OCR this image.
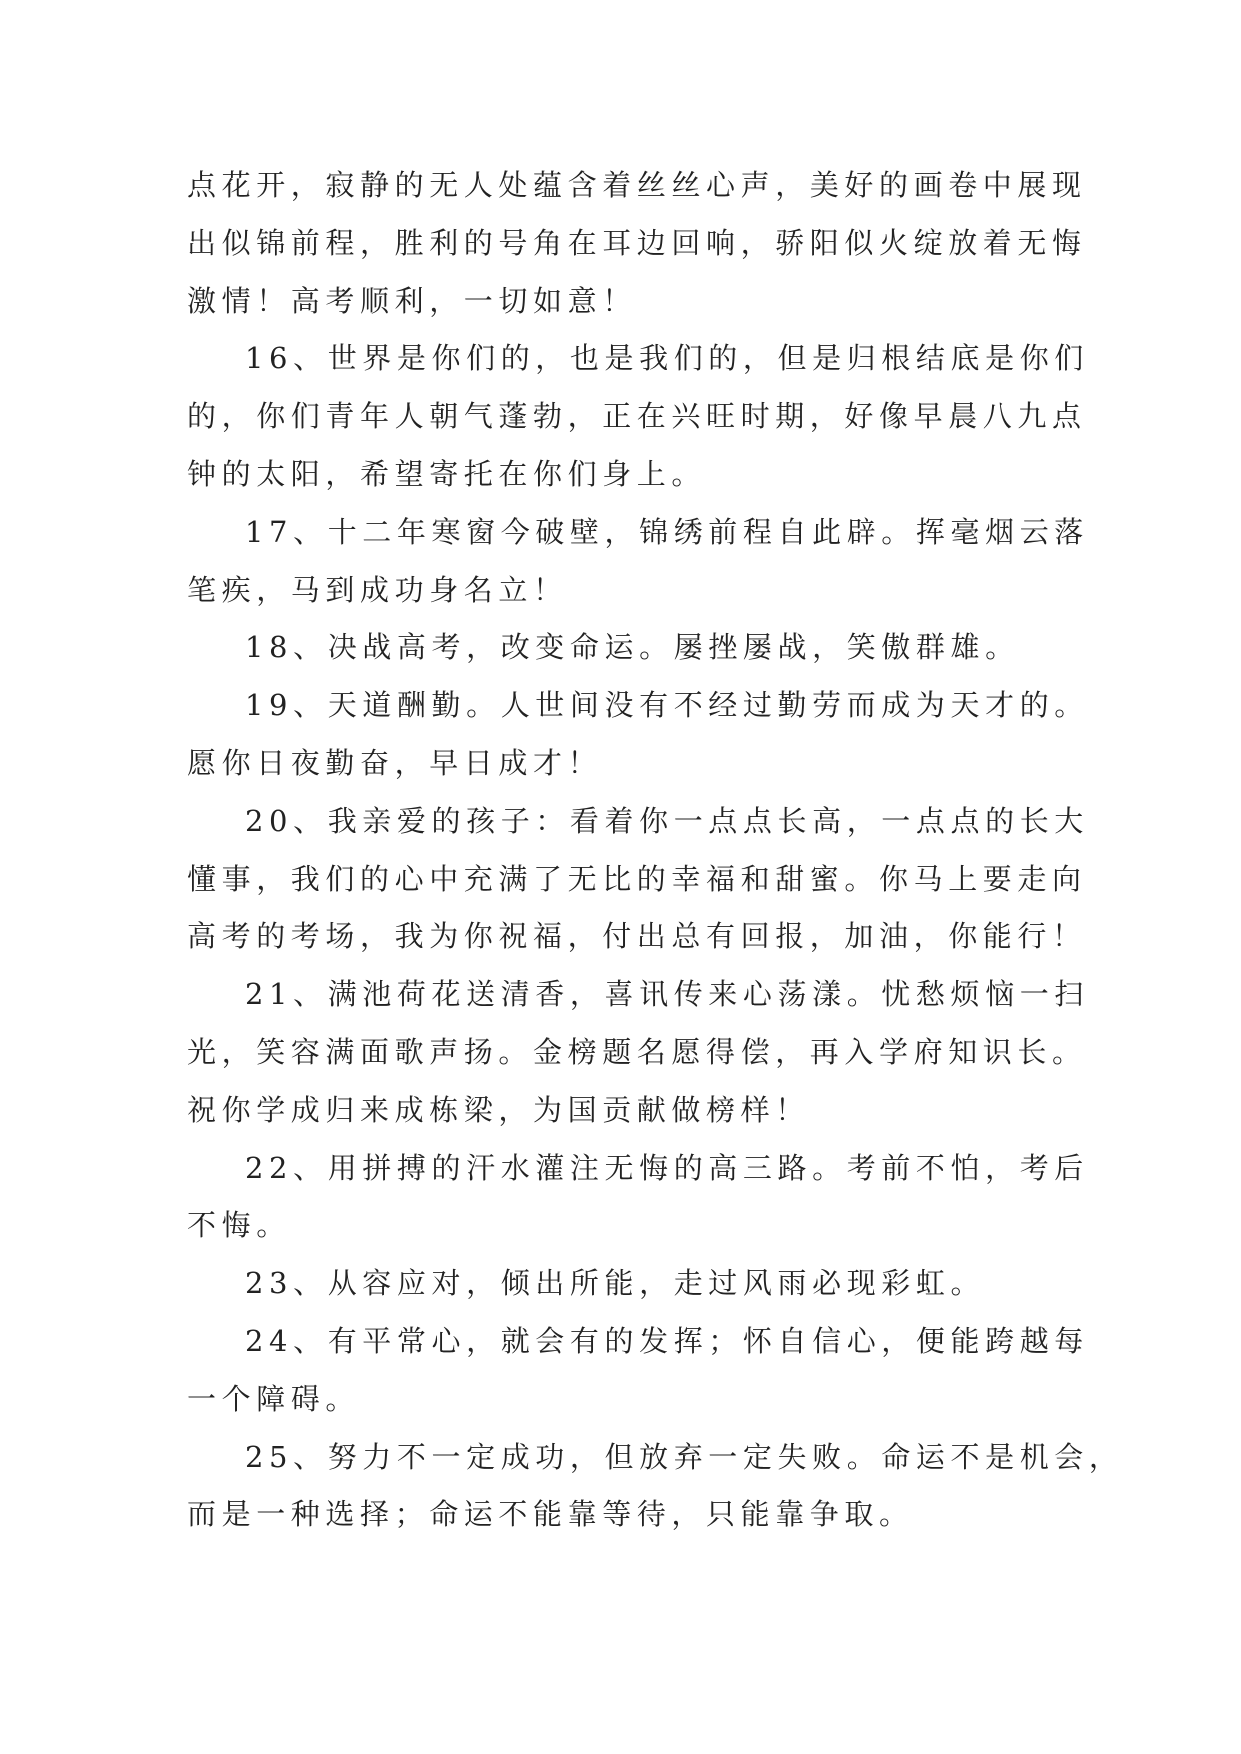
点花开，寂静的无人处蕴含着丝丝心声，美好的画卷中展现

出似锦前程，胜利的号角在耳边回响，骄阳似火绽放着无悔

激情！高考顺利，一切如意！

16、世界是你们的，也是我们的，但是归根结底是你们

的，你们青年人朝气蓬勃，正在兴旺时期，好像早晨八九点

钟的太阳，希望寄托在你们身上。

17、十二年寒窗今破壁，锦绣前程自此辟。挥毫烟云落

笔疾，马到成功身名立！

18、决战高考，改变命运。屡挫屡战，笑傲群雄。

19、天道酬勤。人世间没有不经过勤劳而成为天才的。

愿你日夜勤奋，早日成才！

20、我亲爱的孩子：看着你一点点长高，一点点的长大

懂事，我们的心中充满了无比的幸福和甜蜜。你马上要走向

高考的考场，我为你祝福，付出总有回报，加油，你能行！

21、满池荷花送清香，喜讯传来心荡漾。忧愁烦恼一扫

光，笑容满面歌声扬。金榜题名愿得偿，再入学府知识长。

祝你学成归来成栋梁，为国贡献做榜样！

22、用拼搏的汗水灌注无悔的高三路。考前不怕，考后

不悔。

23、从容应对，倾出所能，走过风雨必现彩虹。

24、有平常心，就会有的发挥；怀自信心，便能跨越每

一个障碍。

25、努力不一定成功，但放弃一定失败。命运不是机会，

而是一种选择；命运不能靠等待，只能靠争取。
